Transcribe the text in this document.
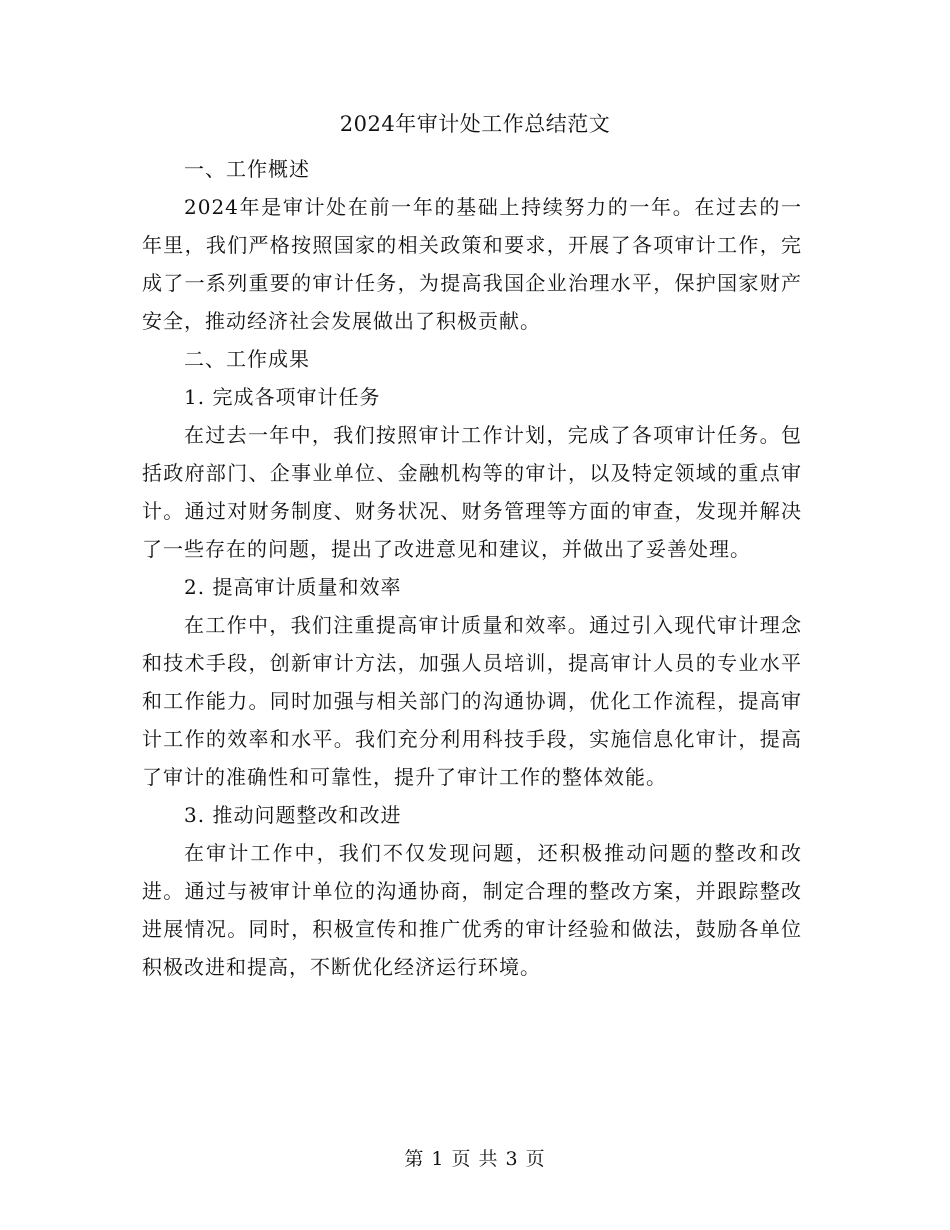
2024年审计处工作总结范文

一、工作概述

2024年是审计处在前一年的基础上持续努力的一年。在过去的一年里，我们严格按照国家的相关政策和要求，开展了各项审计工作，完成了一系列重要的审计任务，为提高我国企业治理水平，保护国家财产安全，推动经济社会发展做出了积极贡献。

二、工作成果

1. 完成各项审计任务

在过去一年中，我们按照审计工作计划，完成了各项审计任务。包括政府部门、企事业单位、金融机构等的审计，以及特定领域的重点审计。通过对财务制度、财务状况、财务管理等方面的审查，发现并解决了一些存在的问题，提出了改进意见和建议，并做出了妥善处理。

2. 提高审计质量和效率

在工作中，我们注重提高审计质量和效率。通过引入现代审计理念和技术手段，创新审计方法，加强人员培训，提高审计人员的专业水平和工作能力。同时加强与相关部门的沟通协调，优化工作流程，提高审计工作的效率和水平。我们充分利用科技手段，实施信息化审计，提高了审计的准确性和可靠性，提升了审计工作的整体效能。

3. 推动问题整改和改进

在审计工作中，我们不仅发现问题，还积极推动问题的整改和改进。通过与被审计单位的沟通协商，制定合理的整改方案，并跟踪整改进展情况。同时，积极宣传和推广优秀的审计经验和做法，鼓励各单位积极改进和提高，不断优化经济运行环境。

第 1 页 共 3 页
